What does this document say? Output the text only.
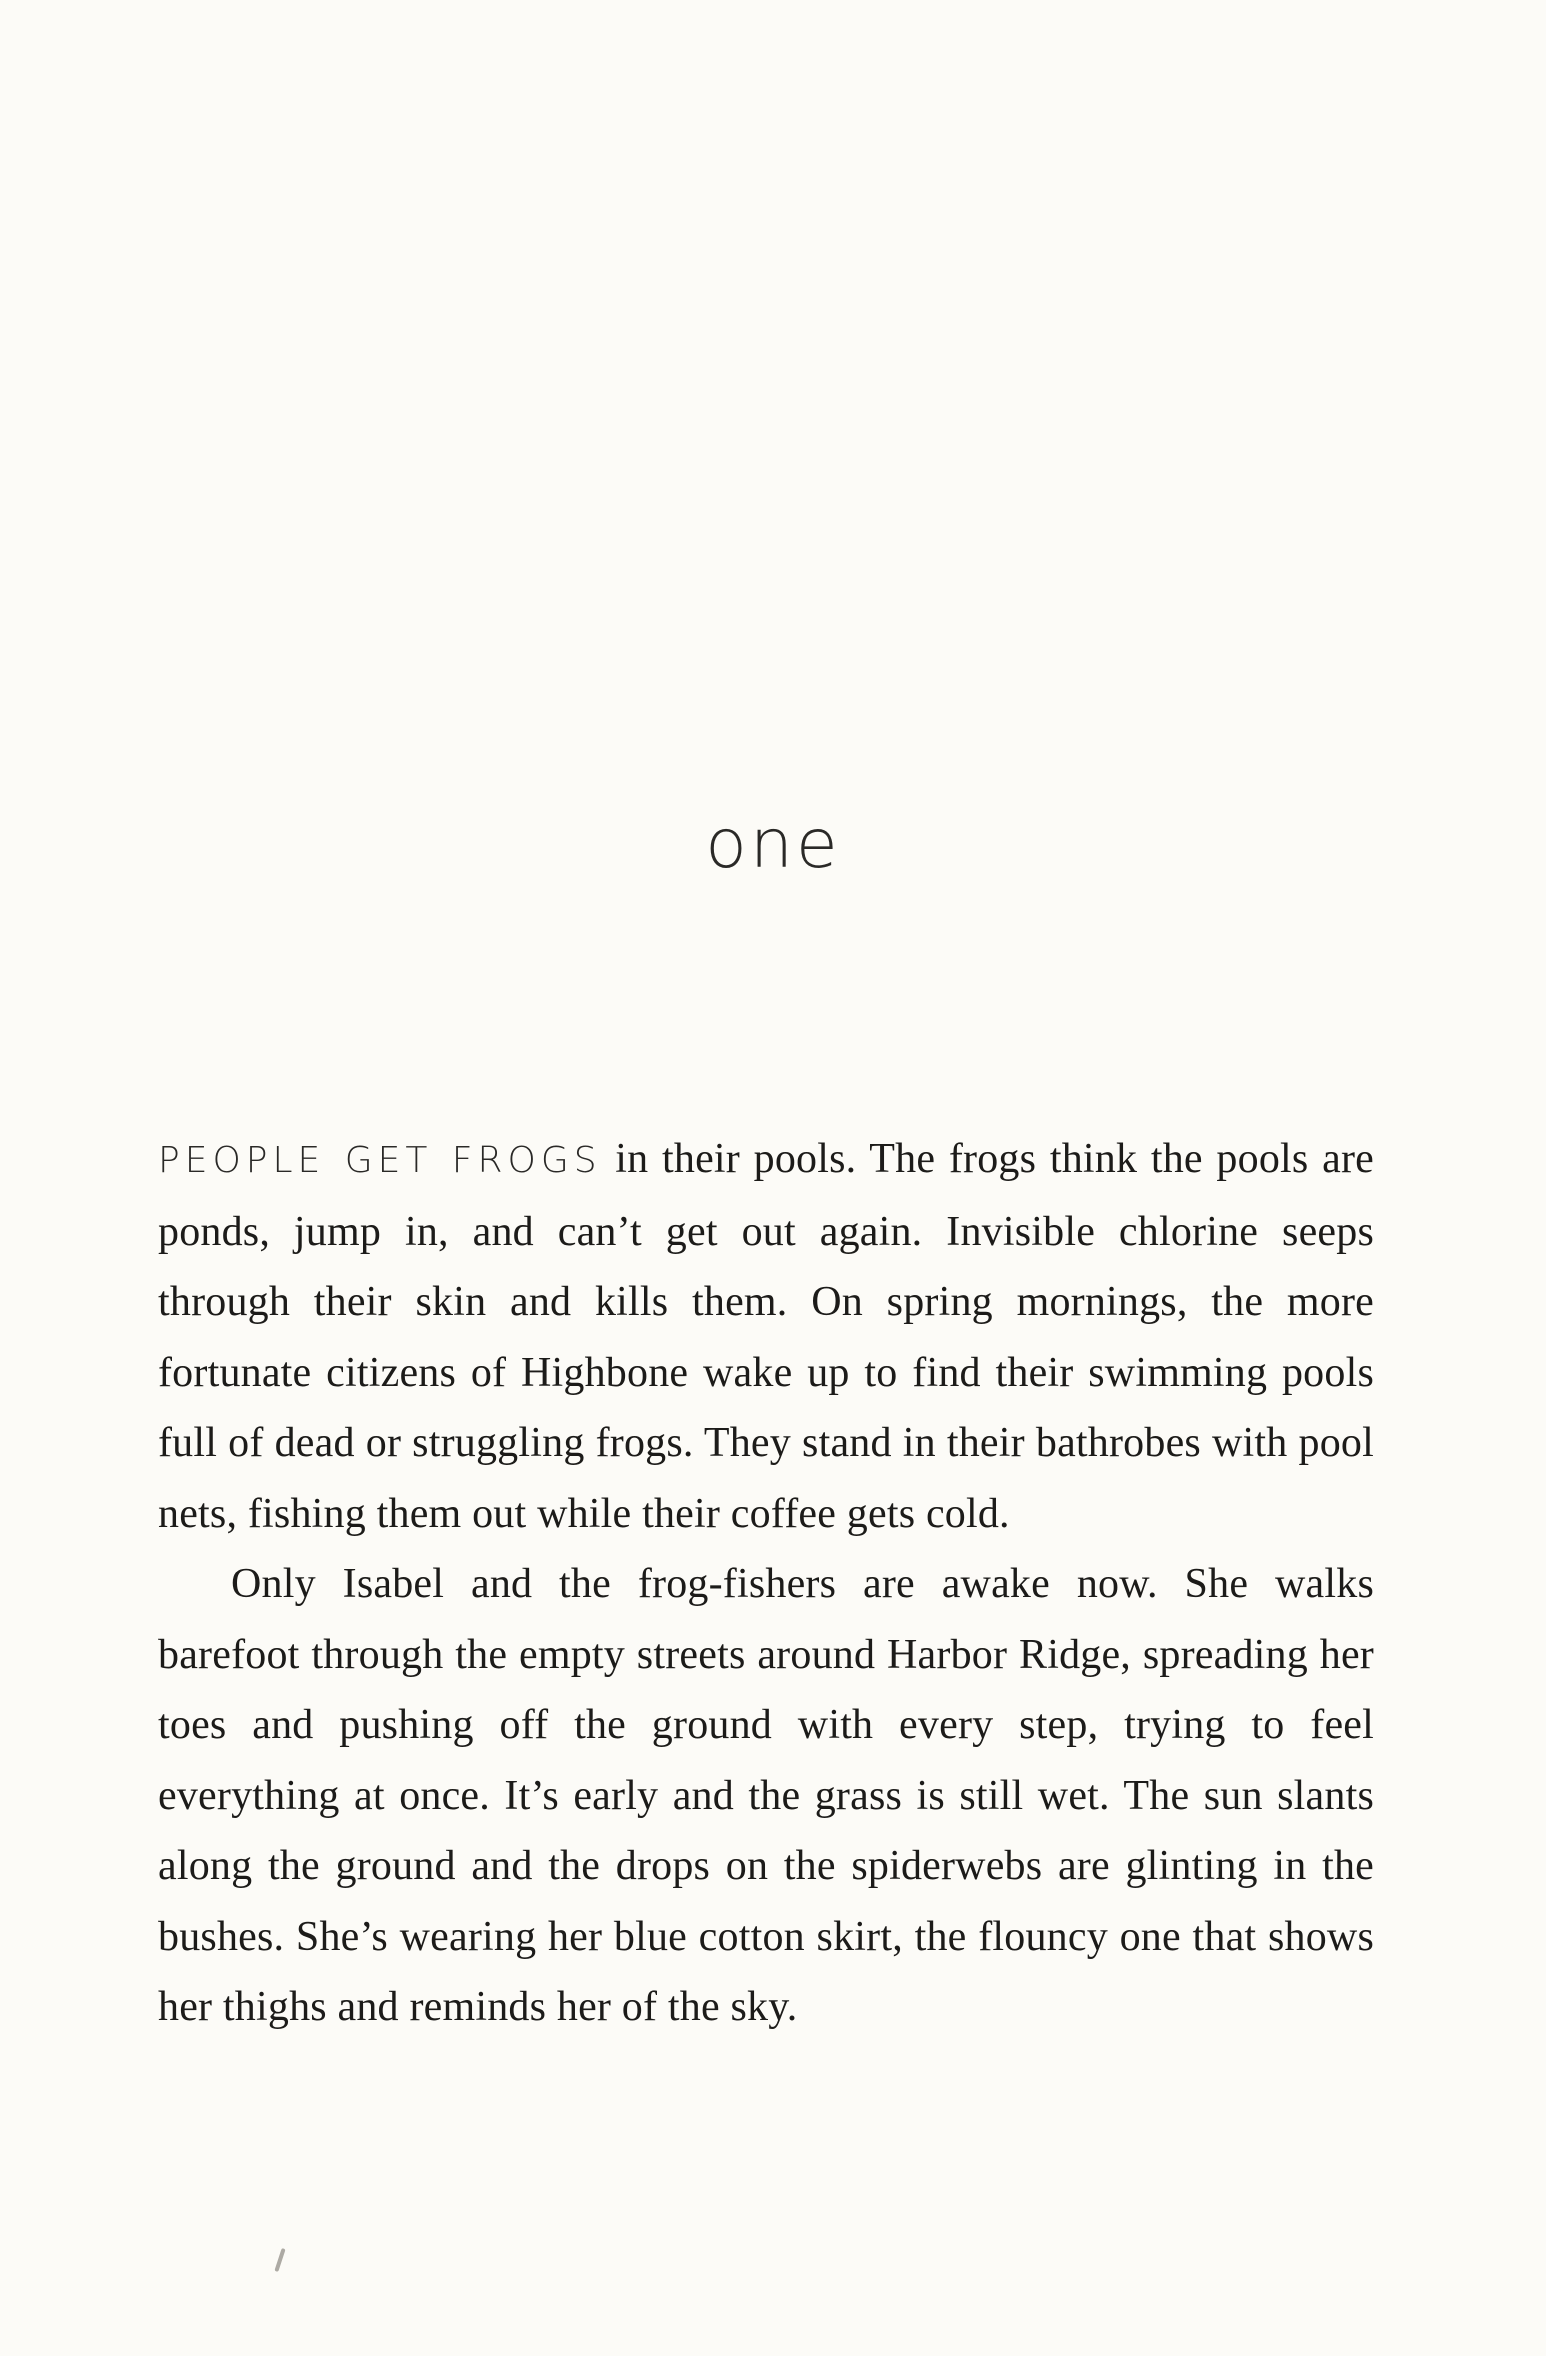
one

PEOPLE GET FROGS in their pools. The frogs think the pools are ponds, jump in, and can’t get out again. Invisible chlorine seeps through their skin and kills them. On spring mornings, the more fortunate citizens of Highbone wake up to find their swimming pools full of dead or struggling frogs. They stand in their bathrobes with pool nets, fishing them out while their coffee gets cold.

Only Isabel and the frog-fishers are awake now. She walks barefoot through the empty streets around Harbor Ridge, spreading her toes and pushing off the ground with every step, trying to feel everything at once. It’s early and the grass is still wet. The sun slants along the ground and the drops on the spiderwebs are glinting in the bushes. She’s wearing her blue cotton skirt, the flouncy one that shows her thighs and reminds her of the sky.
